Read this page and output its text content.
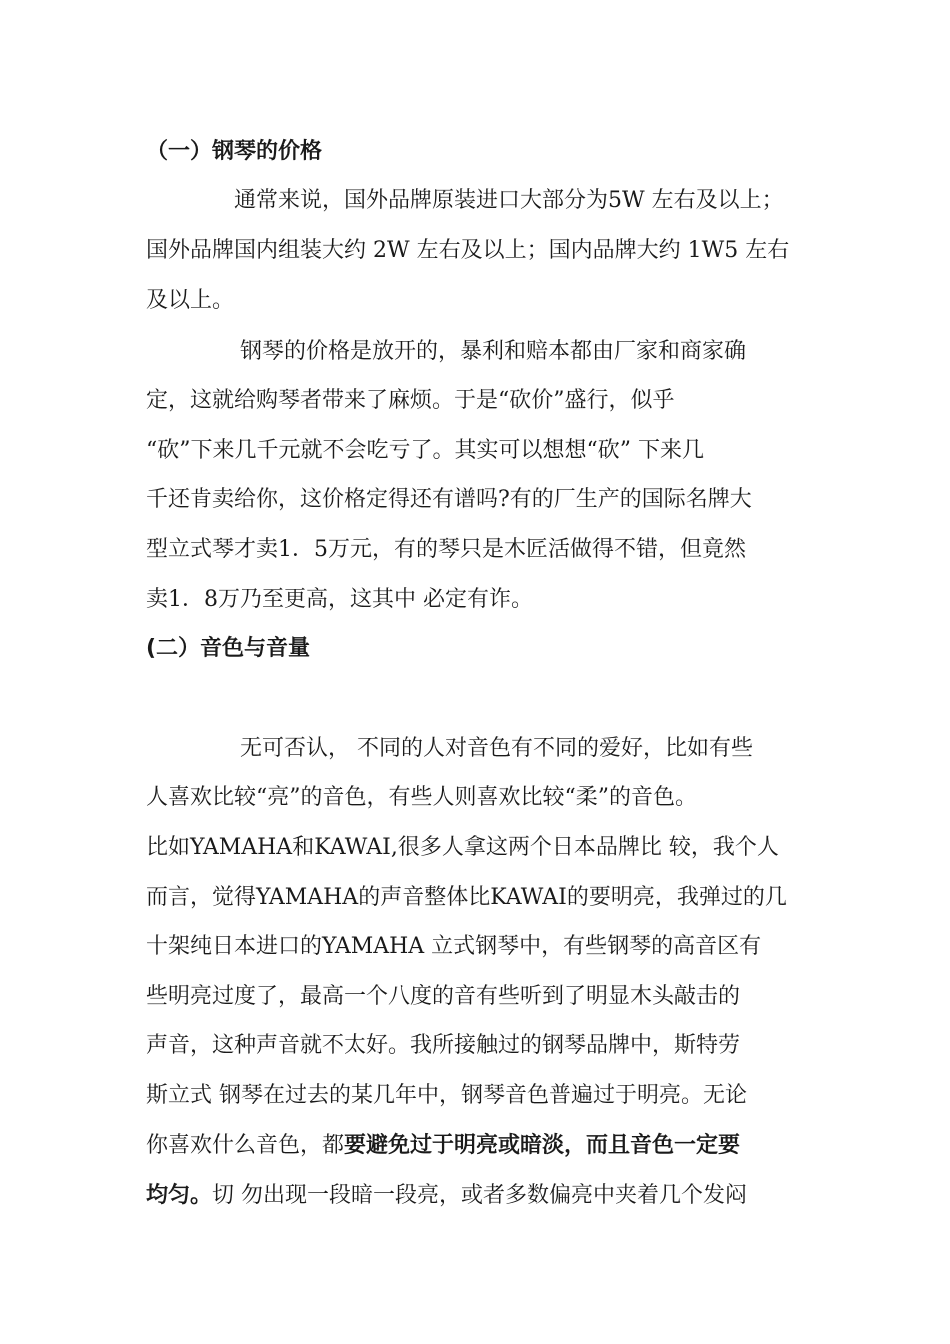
（一）钢琴的价格
通常来说，国外品牌原装进口大部分为5W 左右及以上；
国外品牌国内组装大约 2W 左右及以上；国内品牌大约 1W5 左右
及以上。
钢琴的价格是放开的，暴利和赔本都由厂家和商家确
定，这就给购琴者带来了麻烦。于是“砍价”盛行，似乎
“砍”下来几千元就不会吃亏了。其实可以想想“砍” 下来几
千还肯卖给你，这价格定得还有谱吗?有的厂生产的国际名牌大
型立式琴才卖1．5万元，有的琴只是木匠活做得不错，但竟然
卖1．8万乃至更高，这其中 必定有诈。
(二）音色与音量
无可否认， 不同的人对音色有不同的爱好，比如有些
人喜欢比较“亮”的音色，有些人则喜欢比较“柔”的音色。
比如YAMAHA和KAWAI,很多人拿这两个日本品牌比 较，我个人
而言，觉得YAMAHA的声音整体比KAWAI的要明亮，我弹过的几
十架纯日本进口的YAMAHA 立式钢琴中，有些钢琴的高音区有
些明亮过度了，最高一个八度的音有些听到了明显木头敲击的
声音，这种声音就不太好。我所接触过的钢琴品牌中，斯特劳
斯立式 钢琴在过去的某几年中，钢琴音色普遍过于明亮。无论
你喜欢什么音色，都要避免过于明亮或暗淡，而且音色一定要
均匀。切 勿出现一段暗一段亮，或者多数偏亮中夹着几个发闷
